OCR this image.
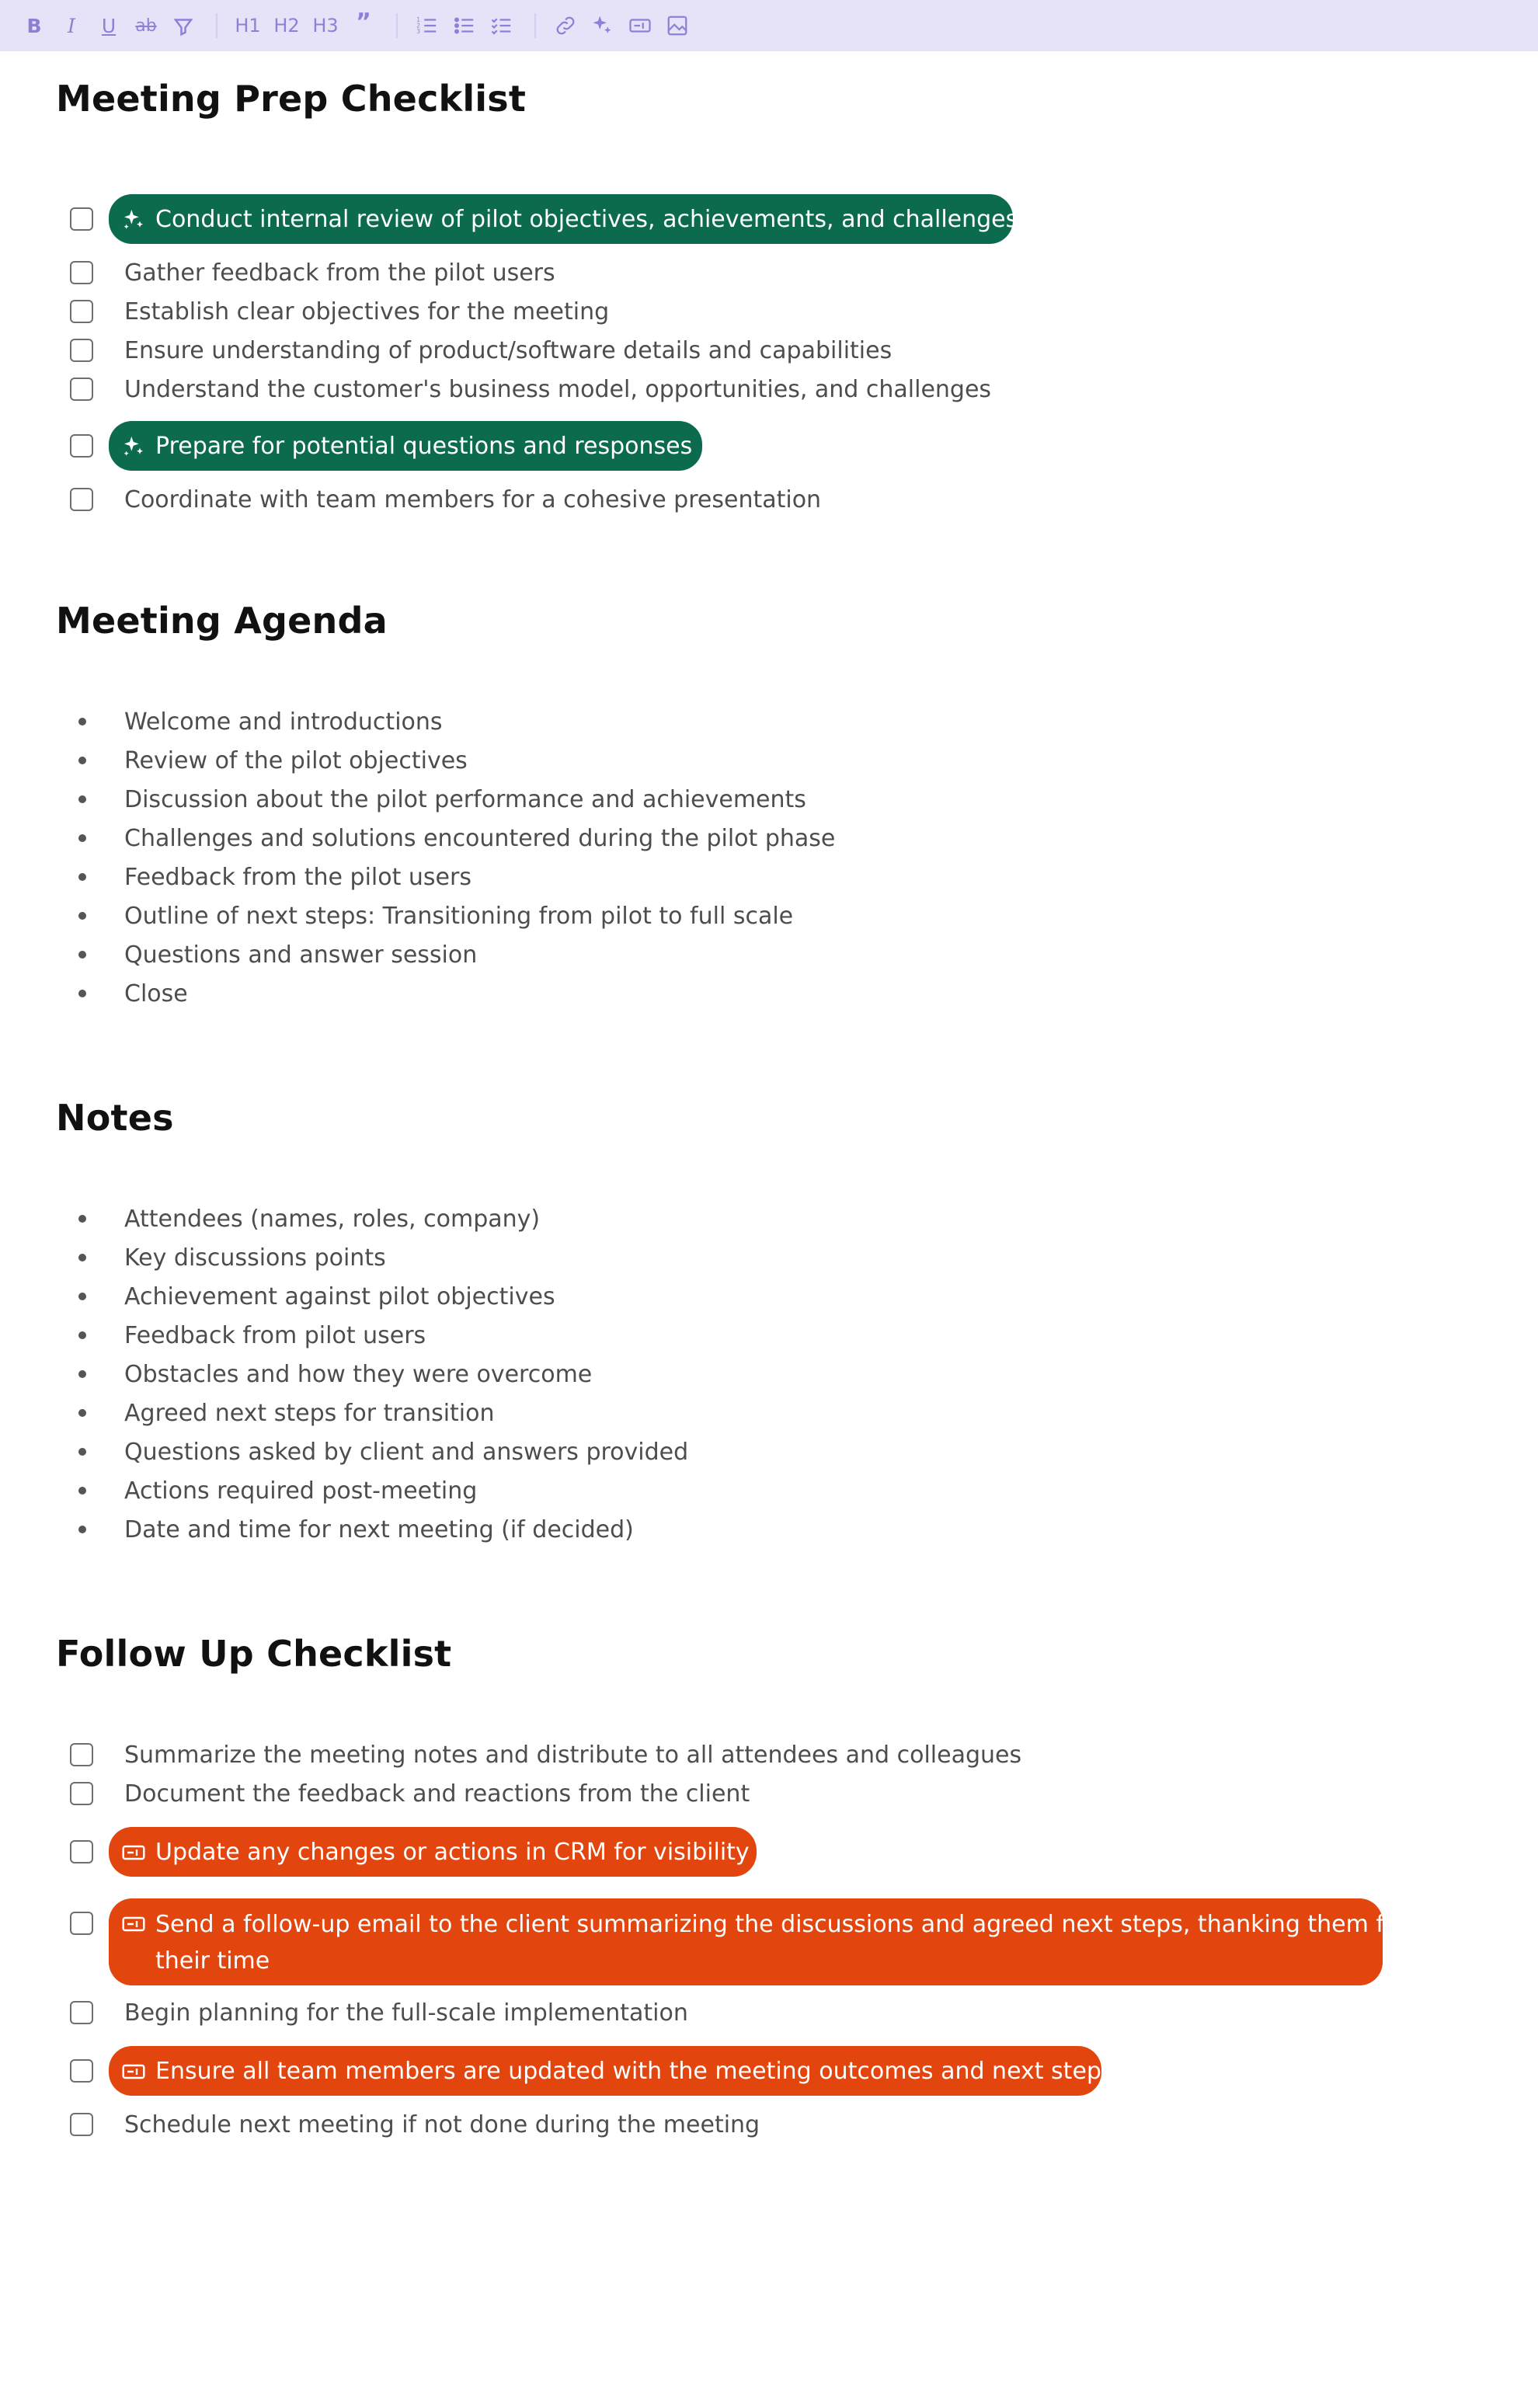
B	I	U	ab	H1 H2 H3 ”	1
2
3
Meeting Prep Checklist
Conduct internal review of pilot objectives, achievements, and challenges
Gather feedback from the pilot users
Establish clear objectives for the meeting
Ensure understanding of product/software details and capabilities
Understand the customer's business model, opportunities, and challenges
Prepare for potential questions and responses
Coordinate with team members for a cohesive presentation
Meeting Agenda
Welcome and introductions
Review of the pilot objectives
Discussion about the pilot performance and achievements
Challenges and solutions encountered during the pilot phase
Feedback from the pilot users
Outline of next steps: Transitioning from pilot to full scale
Questions and answer session
Close
Notes
Attendees (names, roles, company)
Key discussions points
Achievement against pilot objectives
Feedback from pilot users
Obstacles and how they were overcome
Agreed next steps for transition
Questions asked by client and answers provided
Actions required post-meeting
Date and time for next meeting (if decided)
Follow Up Checklist
Summarize the meeting notes and distribute to all attendees and colleagues
Document the feedback and reactions from the client
Update any changes or actions in CRM for visibility
Send a follow-up email to the client summarizing the discussions and agreed next steps, thanking them for
their time
Begin planning for the full-scale implementation
Ensure all team members are updated with the meeting outcomes and next steps
Schedule next meeting if not done during the meeting
